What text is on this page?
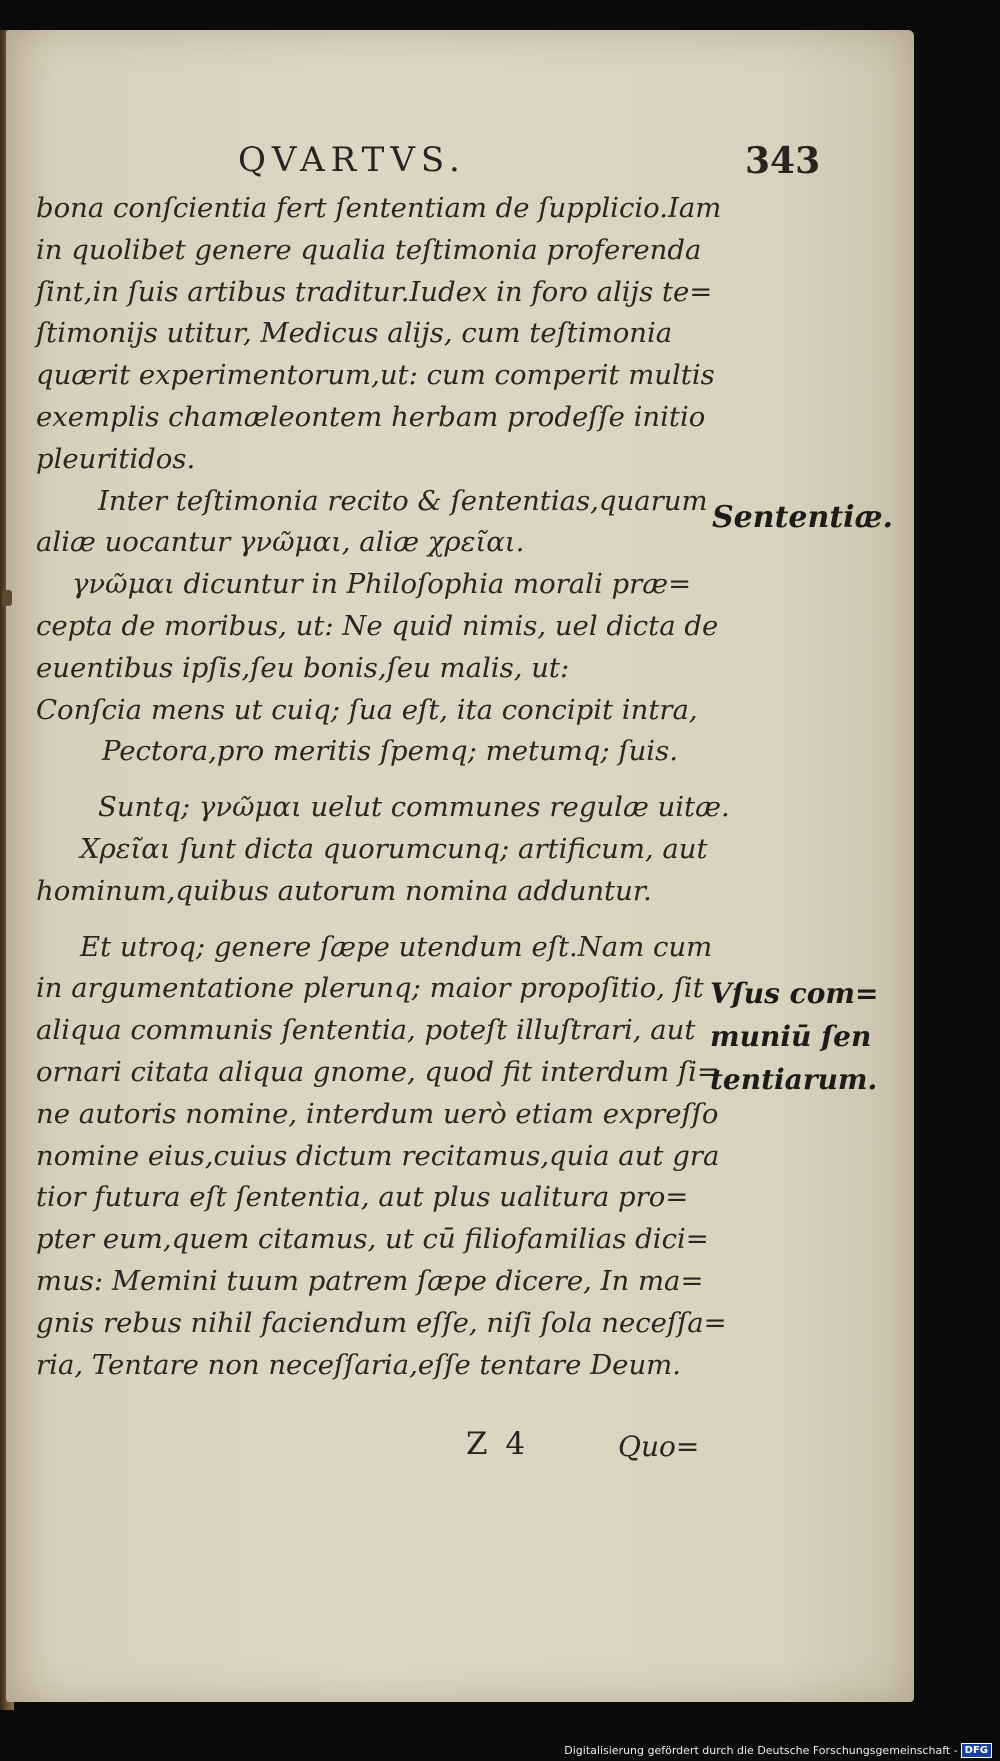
QVARTVS.	343
bona conſcientia fert ſententiam de ſupplicio.Iam
in quolibet genere qualia teſtimonia proferenda
ſint,in ſuis artibus traditur.Iudex in foro alijs te=
ſtimonijs utitur, Medicus alijs, cum teſtimonia
quærit experimentorum,ut: cum comperit multis
exemplis chamæleontem herbam prodeſſe initio
pleuritidos.
Inter teſtimonia recito & ſententias,quarum
aliæ uocantur γνῶμαι, aliæ χρεῖαι.
γνῶμαι dicuntur in Philoſophia morali præ=
cepta de moribus, ut: Ne quid nimis, uel dicta de
euentibus ipſis,ſeu bonis,ſeu malis, ut:
Conſcia mens ut cuiq; ſua eſt, ita concipit intra,
Pectora,pro meritis ſpemq; metumq; ſuis.
Suntq; γνῶμαι uelut communes regulæ uitæ.
Χρεῖαι ſunt dicta quorumcunq; artificum, aut
hominum,quibus autorum nomina adduntur.
Et utroq; genere ſæpe utendum eſt.Nam cum
in argumentatione plerunq; maior propoſitio, ſit
aliqua communis ſententia, poteſt illuſtrari, aut
ornari citata aliqua gnome, quod fit interdum ſi=
ne autoris nomine, interdum uerò etiam expreſſo
nomine eius,cuius dictum recitamus,quia aut gra
tior futura eſt ſententia, aut plus ualitura pro=
pter eum,quem citamus, ut cū filiofamilias dici=
mus: Memini tuum patrem ſæpe dicere, In ma=
gnis rebus nihil faciendum eſſe, niſi ſola neceſſa=
ria, Tentare non neceſſaria,eſſe tentare Deum.
Sententiæ.
Vſus com=
muniū ſen
tentiarum.
Z 4	Quo=
Digitalisierung gefördert durch die Deutsche Forschungsgemeinschaft - DFG
